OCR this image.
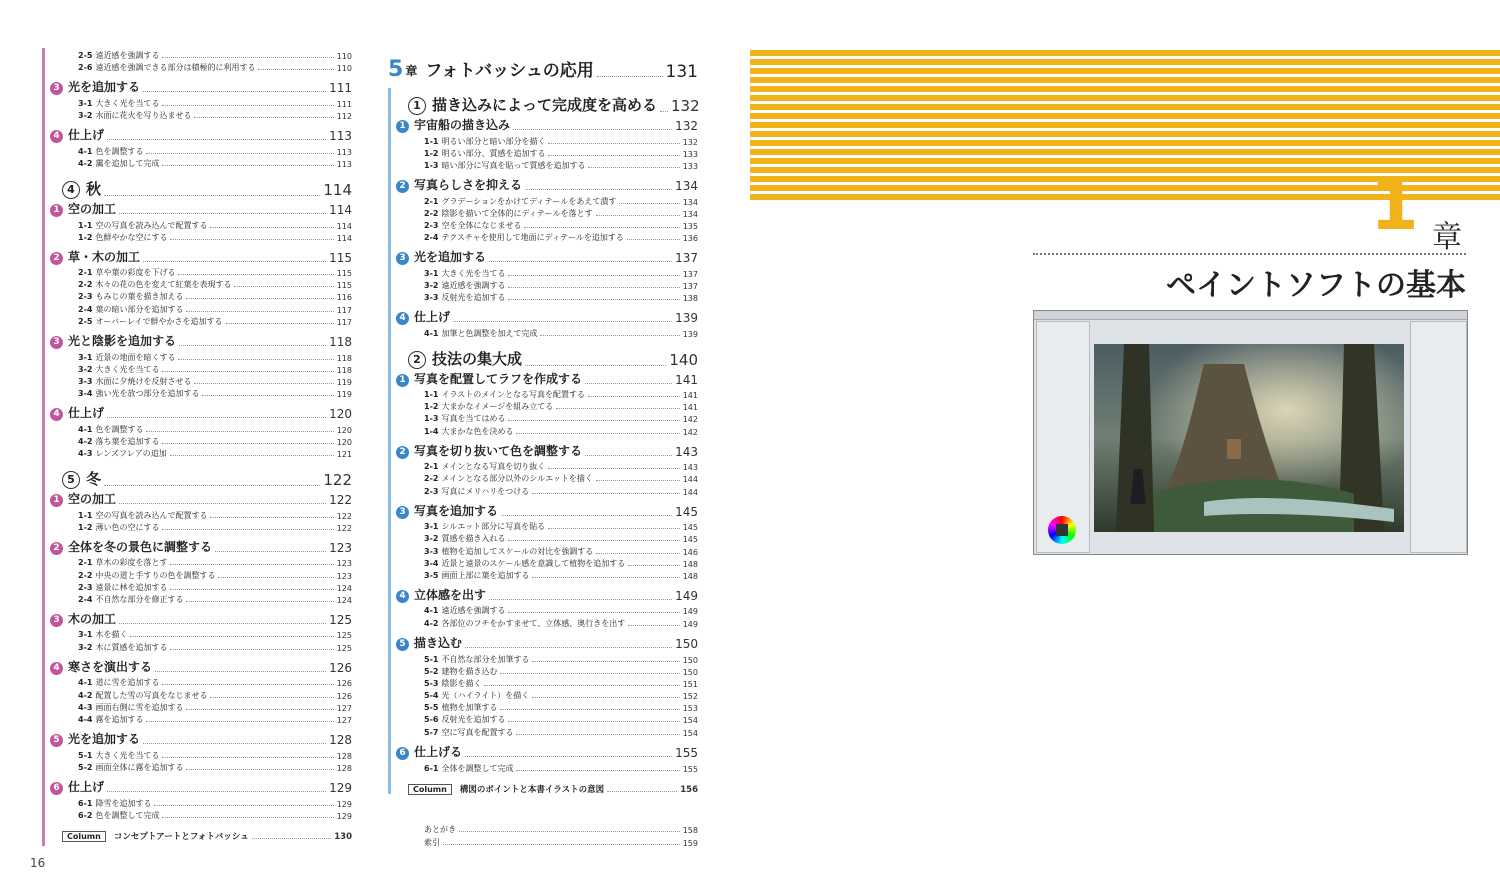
2-5 遠近感を強調する	110
2-6 遠近感を強調できる部分は積極的に利用する	110
3 光を追加する	111
3-1 大きく光を当てる	111
3-2 水面に花火を写り込ませる	112
4 仕上げ	113
4-1 色を調整する	113
4-2 靄を追加して完成	113
4 秋	114
1 空の加工	114
1-1 空の写真を読み込んで配置する	114
1-2 色鮮やかな空にする	114
2 草・木の加工	115
2-1 草や葉の彩度を下げる	115
2-2 木々の花の色を変えて紅葉を表現する	115
2-3 もみじの葉を描き加える	116
2-4 葉の暗い部分を追加する	117
2-5 オーバーレイで鮮やかさを追加する	117
3 光と陰影を追加する	118
3-1 近景の地面を暗くする	118
3-2 大きく光を当てる	118
3-3 水面に夕焼けを反射させる	119
3-4 強い光を放つ部分を追加する	119
4 仕上げ	120
4-1 色を調整する	120
4-2 落ち葉を追加する	120
4-3 レンズフレアの追加	121
5 冬	122
1 空の加工	122
1-1 空の写真を読み込んで配置する	122
1-2 薄い色の空にする	122
2 全体を冬の景色に調整する	123
2-1 草木の彩度を落とす	123
2-2 中央の道と手すりの色を調整する	123
2-3 遠景に林を追加する	124
2-4 不自然な部分を修正する	124
3 木の加工	125
3-1 木を描く	125
3-2 木に質感を追加する	125
4 寒さを演出する	126
4-1 道に雪を追加する	126
4-2 配置した雪の写真をなじませる	126
4-3 画面右側に雪を追加する	127
4-4 霧を追加する	127
5 光を追加する	128
5-1 大きく光を当てる	128
5-2 画面全体に霧を追加する	128
6 仕上げ	129
6-1 降雪を追加する	129
6-2 色を調整して完成	129
Column コンセプトアートとフォトバッシュ	130
5 章 フォトバッシュの応用	131
1 描き込みによって完成度を高める 132
1 宇宙船の描き込み	132
1-1 明るい部分と暗い部分を描く	132
1-2 明るい部分、質感を追加する	133
1-3 暗い部分に写真を貼って質感を追加する	133
2 写真らしさを抑える	134
2-1 グラデーションをかけてディテールをあえて潰す	134
2-2 陰影を描いて全体的にディテールを落とす	134
2-3 空を全体になじませる	135
2-4 テクスチャを使用して地面にディテールを追加する	136
3 光を追加する	137
3-1 大きく光を当てる	137
3-2 遠近感を強調する	137
3-3 反射光を追加する	138
4 仕上げ	139
4-1 加筆と色調整を加えて完成	139
2 技法の集大成	140
1 写真を配置してラフを作成する	141
1-1 イラストのメインとなる写真を配置する	141
1-2 大まかなイメージを組み立てる	141
1-3 写真を当てはめる	142
1-4 大まかな色を決める	142
2 写真を切り抜いて色を調整する	143
2-1 メインとなる写真を切り抜く	143
2-2 メインとなる部分以外のシルエットを描く	144
2-3 写真にメリハリをつける	144
3 写真を追加する	145
3-1 シルエット部分に写真を貼る	145
3-2 質感を描き入れる	145
3-3 植物を追加してスケールの対比を強調する	146
3-4 近景と遠景のスケール感を意識して植物を追加する	148
3-5 画面上部に葉を追加する	148
4 立体感を出す	149
4-1 遠近感を強調する	149
4-2 各部位のフチをかすませて、立体感、奥行きを出す	149
5 描き込む	150
5-1 不自然な部分を加筆する	150
5-2 建物を描き込む	150
5-3 陰影を描く	151
5-4 光（ハイライト）を描く	152
5-5 植物を加筆する	153
5-6 反射光を追加する	154
5-7 空に写真を配置する	154
6 仕上げる	155
6-1 全体を調整して完成	155
Column 構図のポイントと本書イラストの意図	156
あとがき	158
索引	159
16
1 章
ペイントソフトの基本
